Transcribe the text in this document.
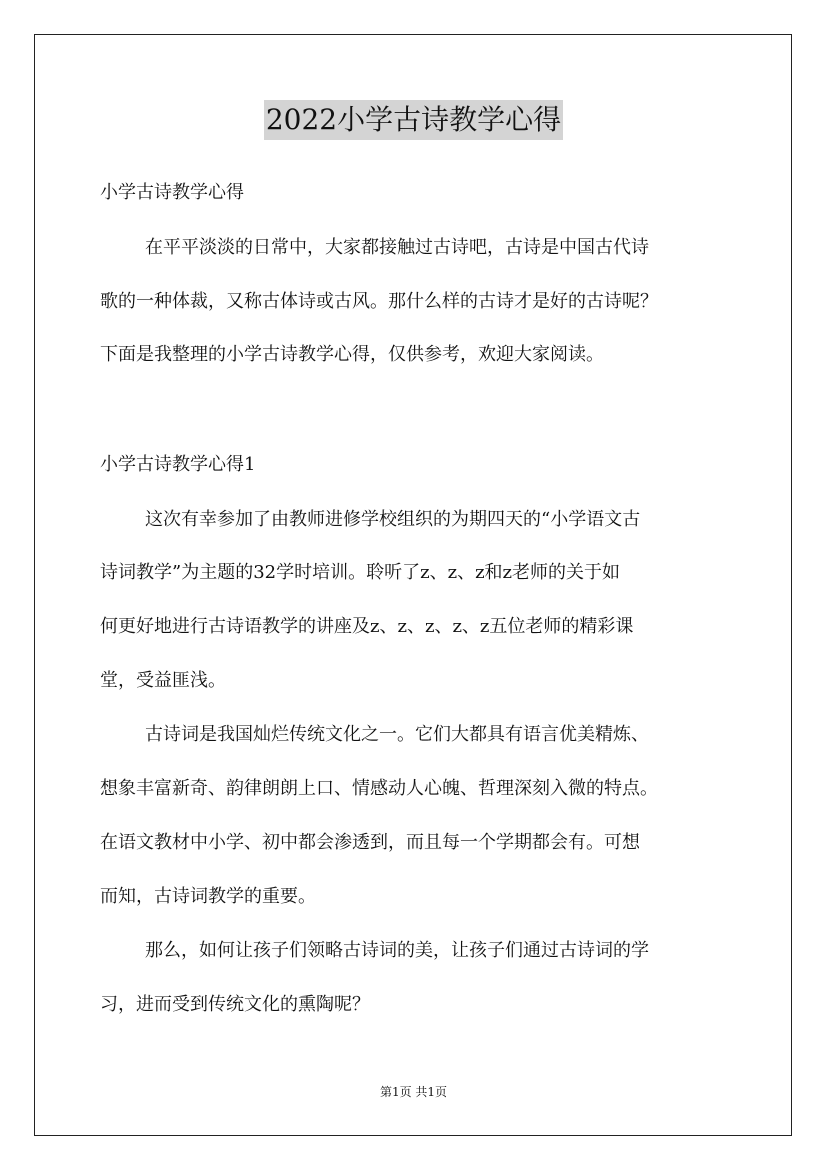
2022小学古诗教学心得
小学古诗教学心得
在平平淡淡的日常中，大家都接触过古诗吧，古诗是中国古代诗
歌的一种体裁，又称古体诗或古风。那什么样的古诗才是好的古诗呢？
下面是我整理的小学古诗教学心得，仅供参考，欢迎大家阅读。
小学古诗教学心得1
这次有幸参加了由教师进修学校组织的为期四天的“小学语文古
诗词教学”为主题的32学时培训。聆听了z、z、z和z老师的关于如
何更好地进行古诗语教学的讲座及z、z、z、z、z五位老师的精彩课
堂，受益匪浅。
古诗词是我国灿烂传统文化之一。它们大都具有语言优美精炼、
想象丰富新奇、韵律朗朗上口、情感动人心魄、哲理深刻入微的特点。
在语文教材中小学、初中都会渗透到，而且每一个学期都会有。可想
而知，古诗词教学的重要。
那么，如何让孩子们领略古诗词的美，让孩子们通过古诗词的学
习，进而受到传统文化的熏陶呢？
第1页 共1页
